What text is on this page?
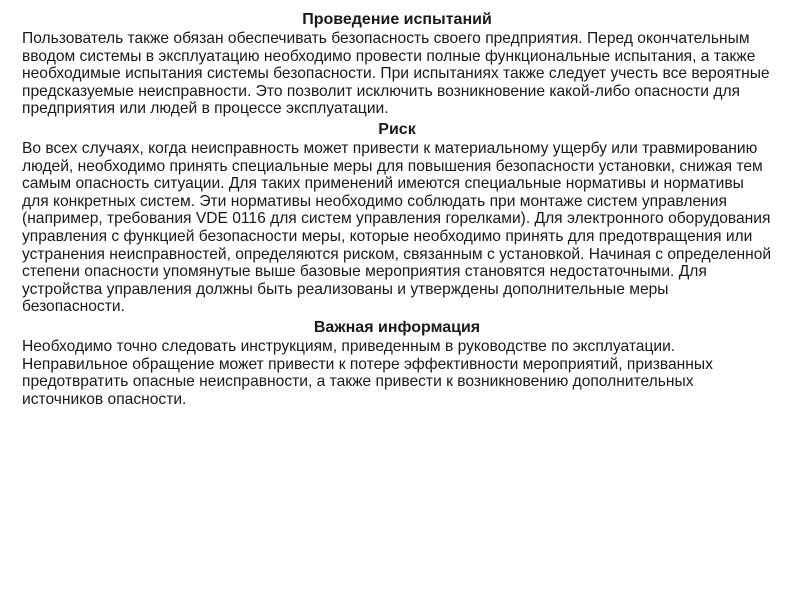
Проведение испытаний

Пользователь также обязан обеспечивать безопасность своего предприятия. Перед окончательным вводом системы в эксплуатацию необходимо провести полные функциональные испытания, а также необходимые испытания системы безопасности. При испытаниях также следует учесть все вероятные предсказуемые неисправности. Это позволит исключить возникновение какой-либо опасности для предприятия или людей в процессе эксплуатации.

Риск

Во всех случаях, когда неисправность может привести к материальному ущербу или травмированию людей, необходимо принять специальные меры для повышения безопасности установки, снижая тем самым опасность ситуации. Для таких применений имеются специальные нормативы и нормативы для конкретных систем. Эти нормативы необходимо соблюдать при монтаже систем управления (например, требования VDE 0116 для систем управления горелками). Для электронного оборудования управления с функцией безопасности меры, которые необходимо принять для предотвращения или устранения неисправностей, определяются риском, связанным с установкой. Начиная с определенной степени опасности упомянутые выше базовые мероприятия становятся недостаточными. Для устройства управления должны быть реализованы и утверждены дополнительные меры безопасности.

Важная информация

Необходимо точно следовать инструкциям, приведенным в руководстве по эксплуатации. Неправильное обращение может привести к потере эффективности мероприятий, призванных предотвратить опасные неисправности, а также привести к возникновению дополнительных источников опасности.
